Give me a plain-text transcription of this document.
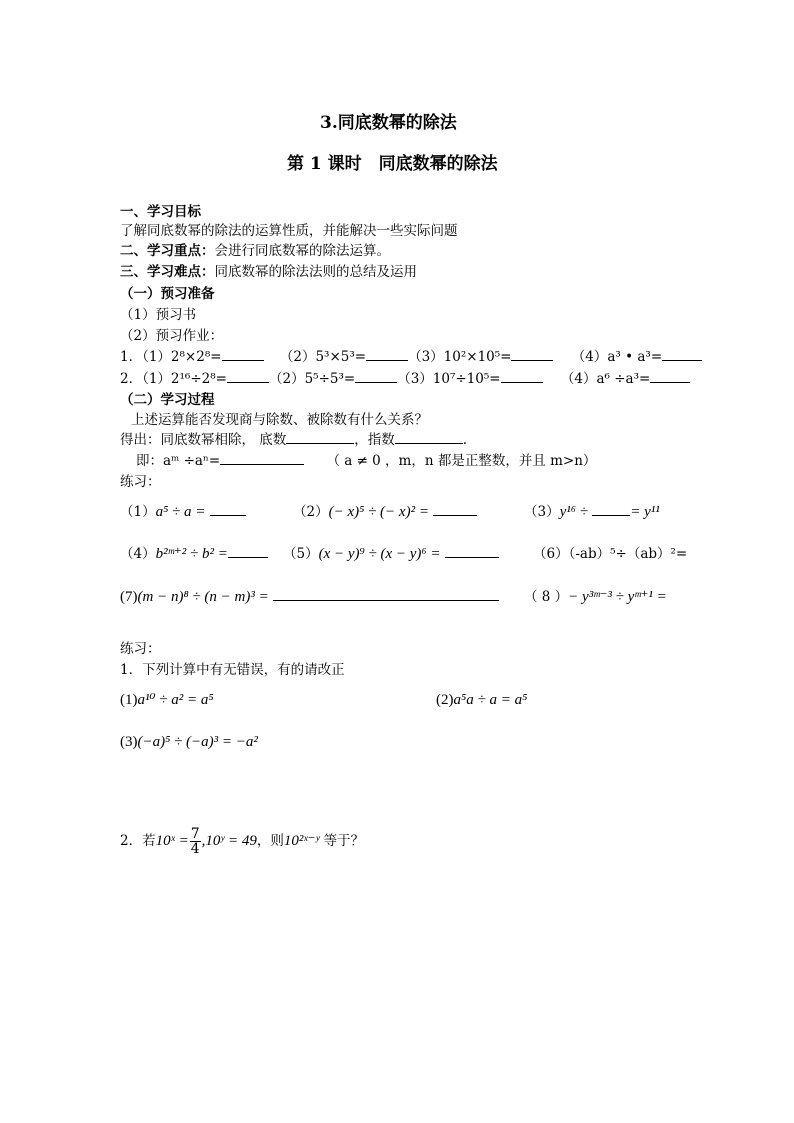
3.同底数幂的除法
第 1 课时　同底数幂的除法
一、学习目标
了解同底数幂的除法的运算性质，并能解决一些实际问题
二、学习重点：会进行同底数幂的除法运算。
三、学习难点：同底数幂的除法法则的总结及运用
（一）预习准备
（1）预习书
（2）预习作业：
1．（1）2⁸×2⁸=	（2）5³×5³=	（3）10²×10⁵=	（4）a³ • a³=
2．（1）2¹⁶÷2⁸=	（2）5⁵÷5³=	（3）10⁷÷10⁵=	（4）a⁶ ÷a³=
（二）学习过程
上述运算能否发现商与除数、被除数有什么关系？
得出：同底数幂相除， 底数	，指数	.
即：aᵐ ÷aⁿ=	（ a ≠ 0 ，m，n 都是正整数，并且 m>n）
练习：
（1）a⁵ ÷ a =	（2）(− x)⁵ ÷ (− x)² =	（3）y¹⁶ ÷	= y¹¹
（4）b²ᵐ⁺² ÷ b² =	（5）(x − y)⁹ ÷ (x − y)⁶ =	（6）（-ab）⁵÷（ab）²=
(7)(m − n)⁸ ÷ (n − m)³ =	（ 8 ）− y³ᵐ⁻³ ÷ yᵐ⁺¹ =
练习：
1．下列计算中有无错误，有的请改正
(1)a¹⁰ ÷ a² = a⁵	(2)a⁵a ÷ a = a⁵
(3)(−a)⁵ ÷ (−a)³ = −a²
2．若10ˣ = $\frac{7}{4}$ ,10ʸ = 49，则10²ˣ⁻ʸ 等于？
